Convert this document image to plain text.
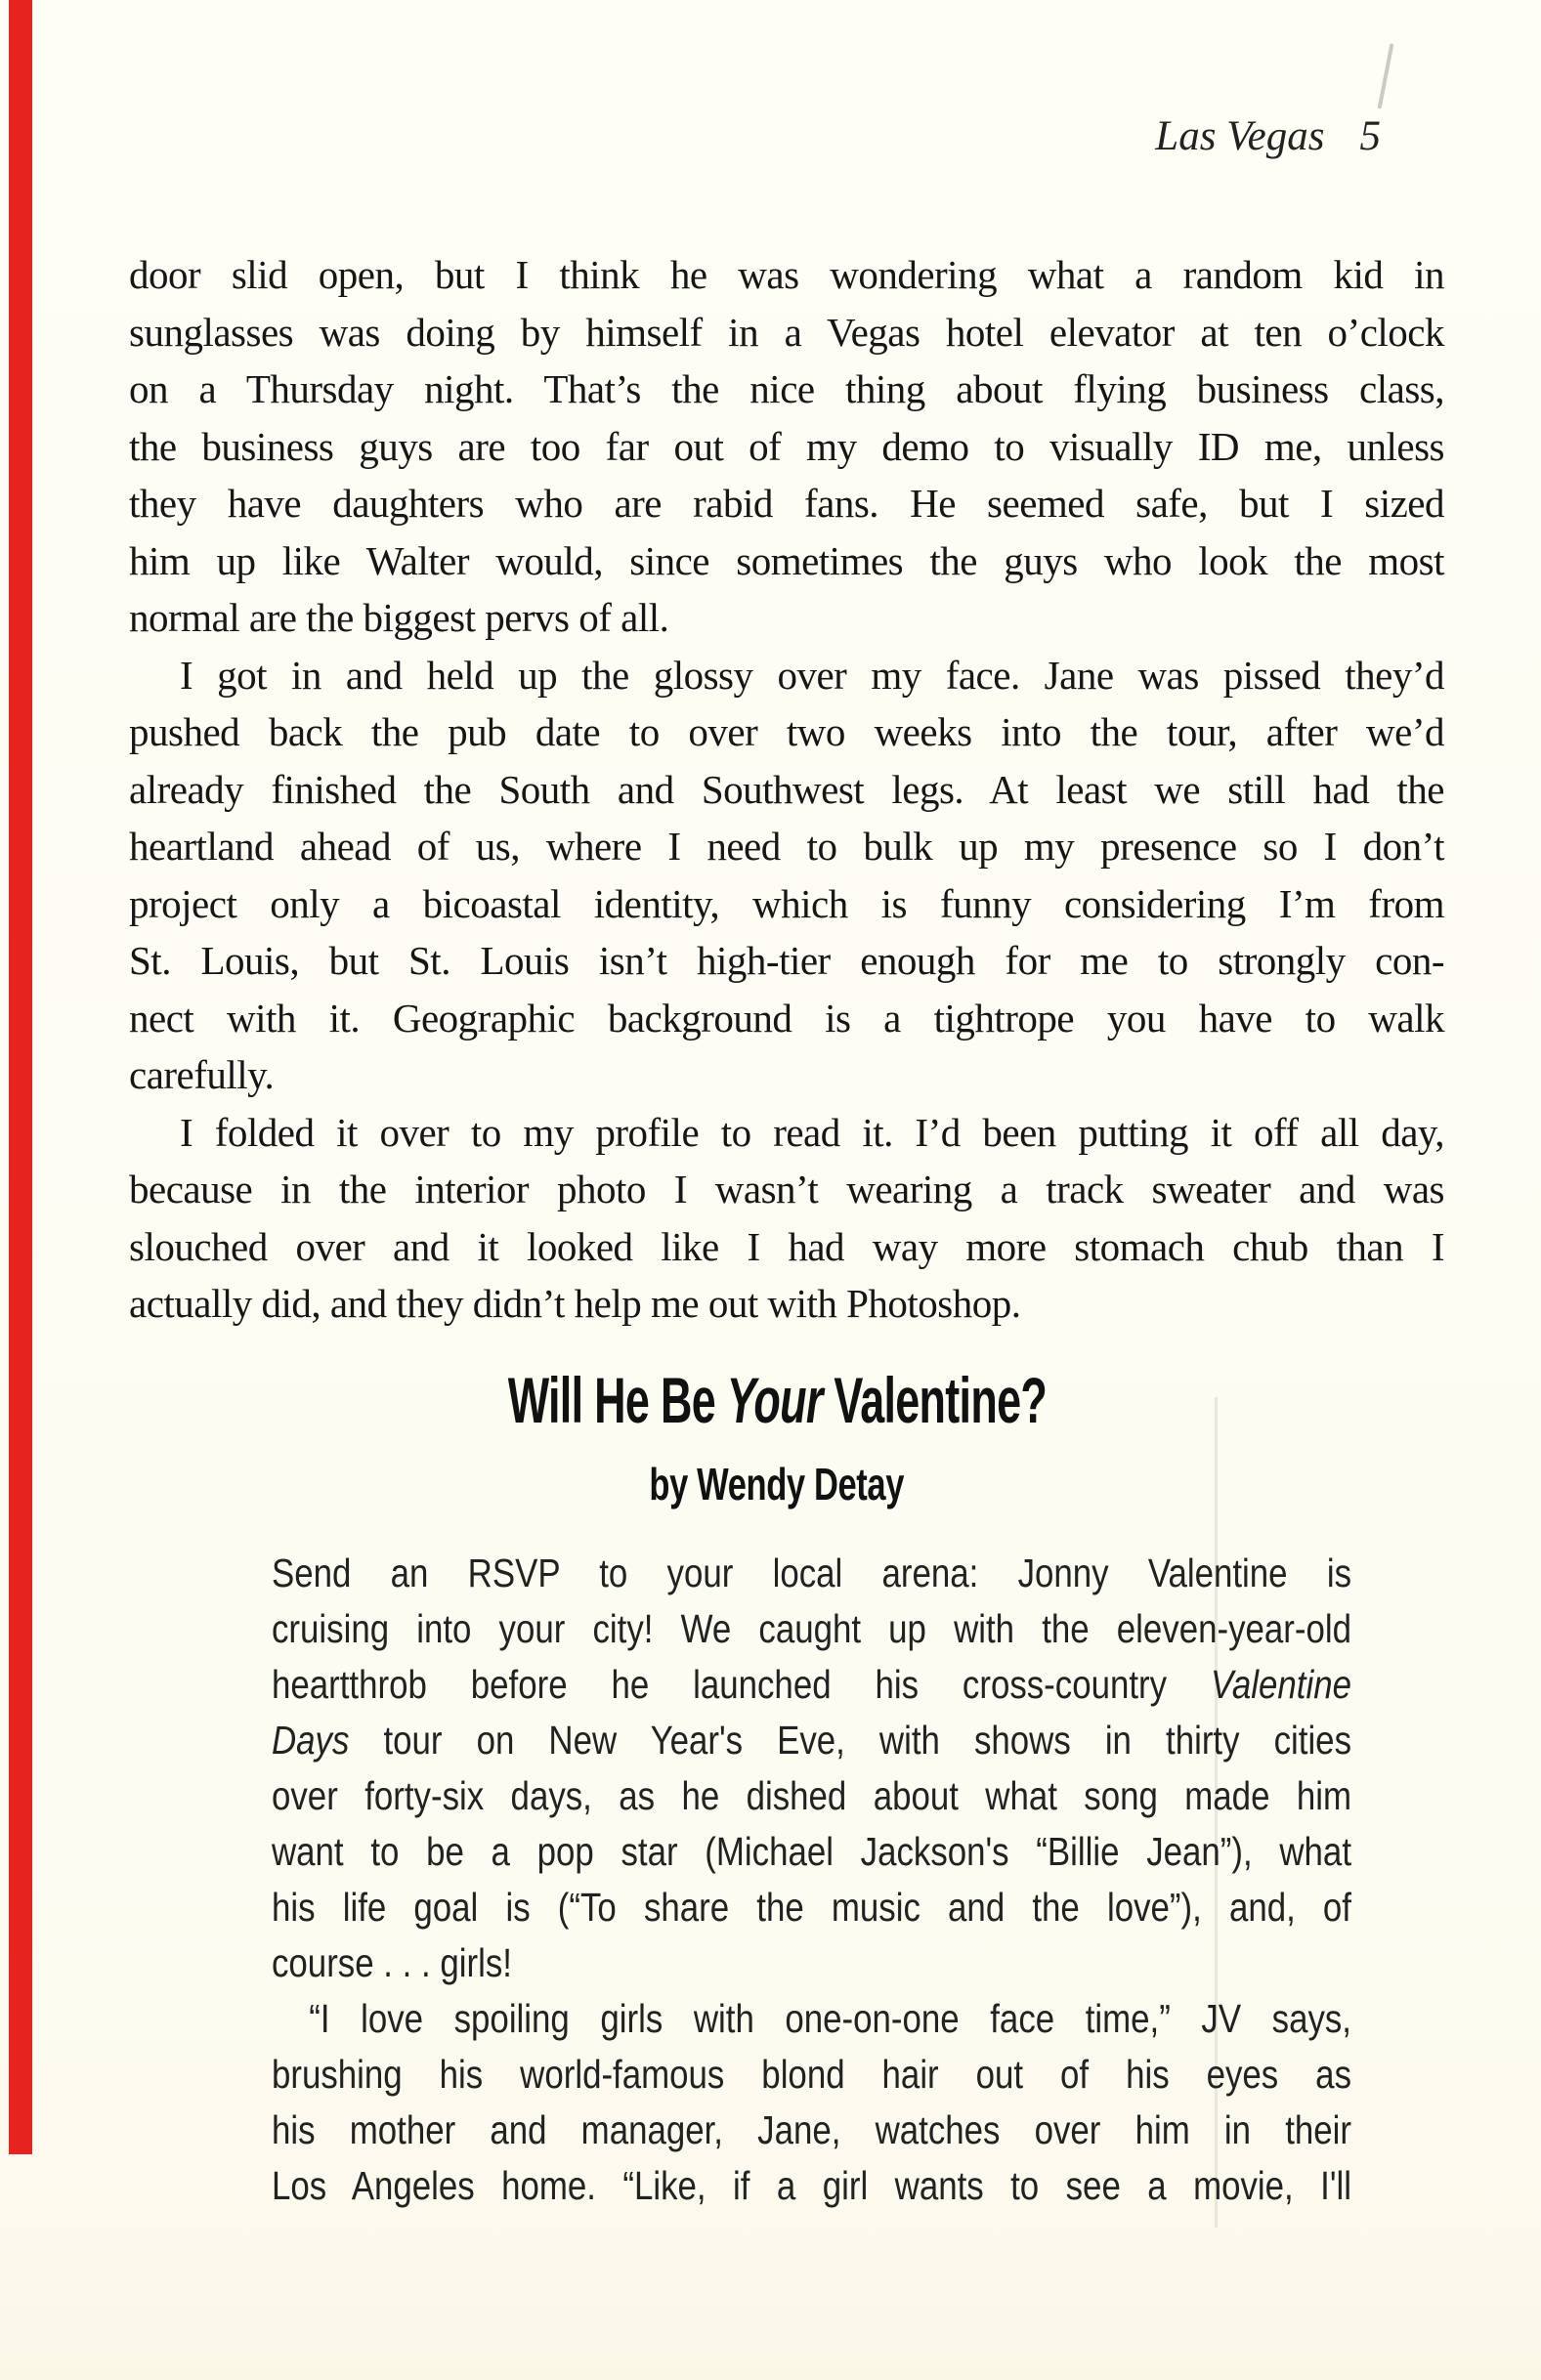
Las Vegas 5
door slid open, but I think he was wondering what a random kid in
sunglasses was doing by himself in a Vegas hotel elevator at ten o’clock
on a Thursday night. That’s the nice thing about flying business class,
the business guys are too far out of my demo to visually ID me, unless
they have daughters who are rabid fans. He seemed safe, but I sized
him up like Walter would, since sometimes the guys who look the most
normal are the biggest pervs of all.
I got in and held up the glossy over my face. Jane was pissed they’d
pushed back the pub date to over two weeks into the tour, after we’d
already finished the South and Southwest legs. At least we still had the
heartland ahead of us, where I need to bulk up my presence so I don’t
project only a bicoastal identity, which is funny considering I’m from
St. Louis, but St. Louis isn’t high-tier enough for me to strongly con-
nect with it. Geographic background is a tightrope you have to walk
carefully.
I folded it over to my profile to read it. I’d been putting it off all day,
because in the interior photo I wasn’t wearing a track sweater and was
slouched over and it looked like I had way more stomach chub than I
actually did, and they didn’t help me out with Photoshop.
Will He Be Your Valentine?
by Wendy Detay
Send an RSVP to your local arena: Jonny Valentine is
cruising into your city! We caught up with the eleven-year-old
heartthrob before he launched his cross-country Valentine
Days tour on New Year's Eve, with shows in thirty cities
over forty-six days, as he dished about what song made him
want to be a pop star (Michael Jackson's “Billie Jean”), what
his life goal is (“To share the music and the love”), and, of
course . . . girls!
“I love spoiling girls with one-on-one face time,” JV says,
brushing his world-famous blond hair out of his eyes as
his mother and manager, Jane, watches over him in their
Los Angeles home. “Like, if a girl wants to see a movie, I'll
